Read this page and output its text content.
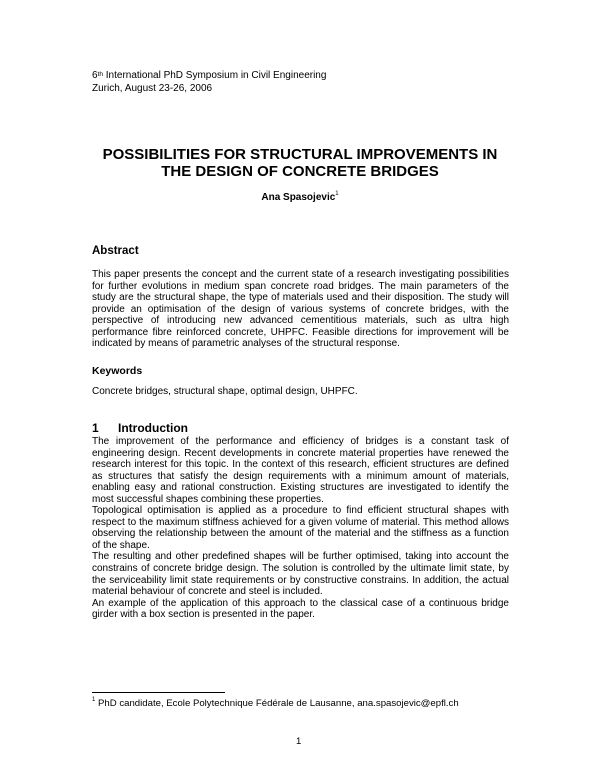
6th International PhD Symposium in Civil Engineering
Zurich, August 23-26, 2006
POSSIBILITIES FOR STRUCTURAL IMPROVEMENTS IN
THE DESIGN OF CONCRETE BRIDGES
Ana Spasojevic$^1$
Abstract
This paper presents the concept and the current state of a research investigating possibilities for further evolutions in medium span concrete road bridges. The main parameters of the study are the structural shape, the type of materials used and their disposition. The study will provide an optimisation of the design of various systems of concrete bridges, with the perspective of introducing new advanced cementitious materials, such as ultra high performance fibre reinforced concrete, UHPFC. Feasible directions for improvement will be indicated by means of parametric analyses of the structural response.
Keywords
Concrete bridges, structural shape, optimal design, UHPFC.
1 Introduction

The improvement of the performance and efficiency of bridges is a constant task of engineering design. Recent developments in concrete material properties have renewed the research interest for this topic. In the context of this research, efficient structures are defined as structures that satisfy the design requirements with a minimum amount of materials, enabling easy and rational construction. Existing structures are investigated to identify the most successful shapes combining these properties.

Topological optimisation is applied as a procedure to find efficient structural shapes with respect to the maximum stiffness achieved for a given volume of material. This method allows observing the relationship between the amount of the material and the stiffness as a function of the shape.

The resulting and other predefined shapes will be further optimised, taking into account the constrains of concrete bridge design. The solution is controlled by the ultimate limit state, by the serviceability limit state requirements or by constructive constrains. In addition, the actual material behaviour of concrete and steel is included.

An example of the application of this approach to the classical case of a continuous bridge girder with a box section is presented in the paper.

$^1$ PhD candidate, Ecole Polytechnique Fédérale de Lausanne, ana.spasojevic@epfl.ch
1
